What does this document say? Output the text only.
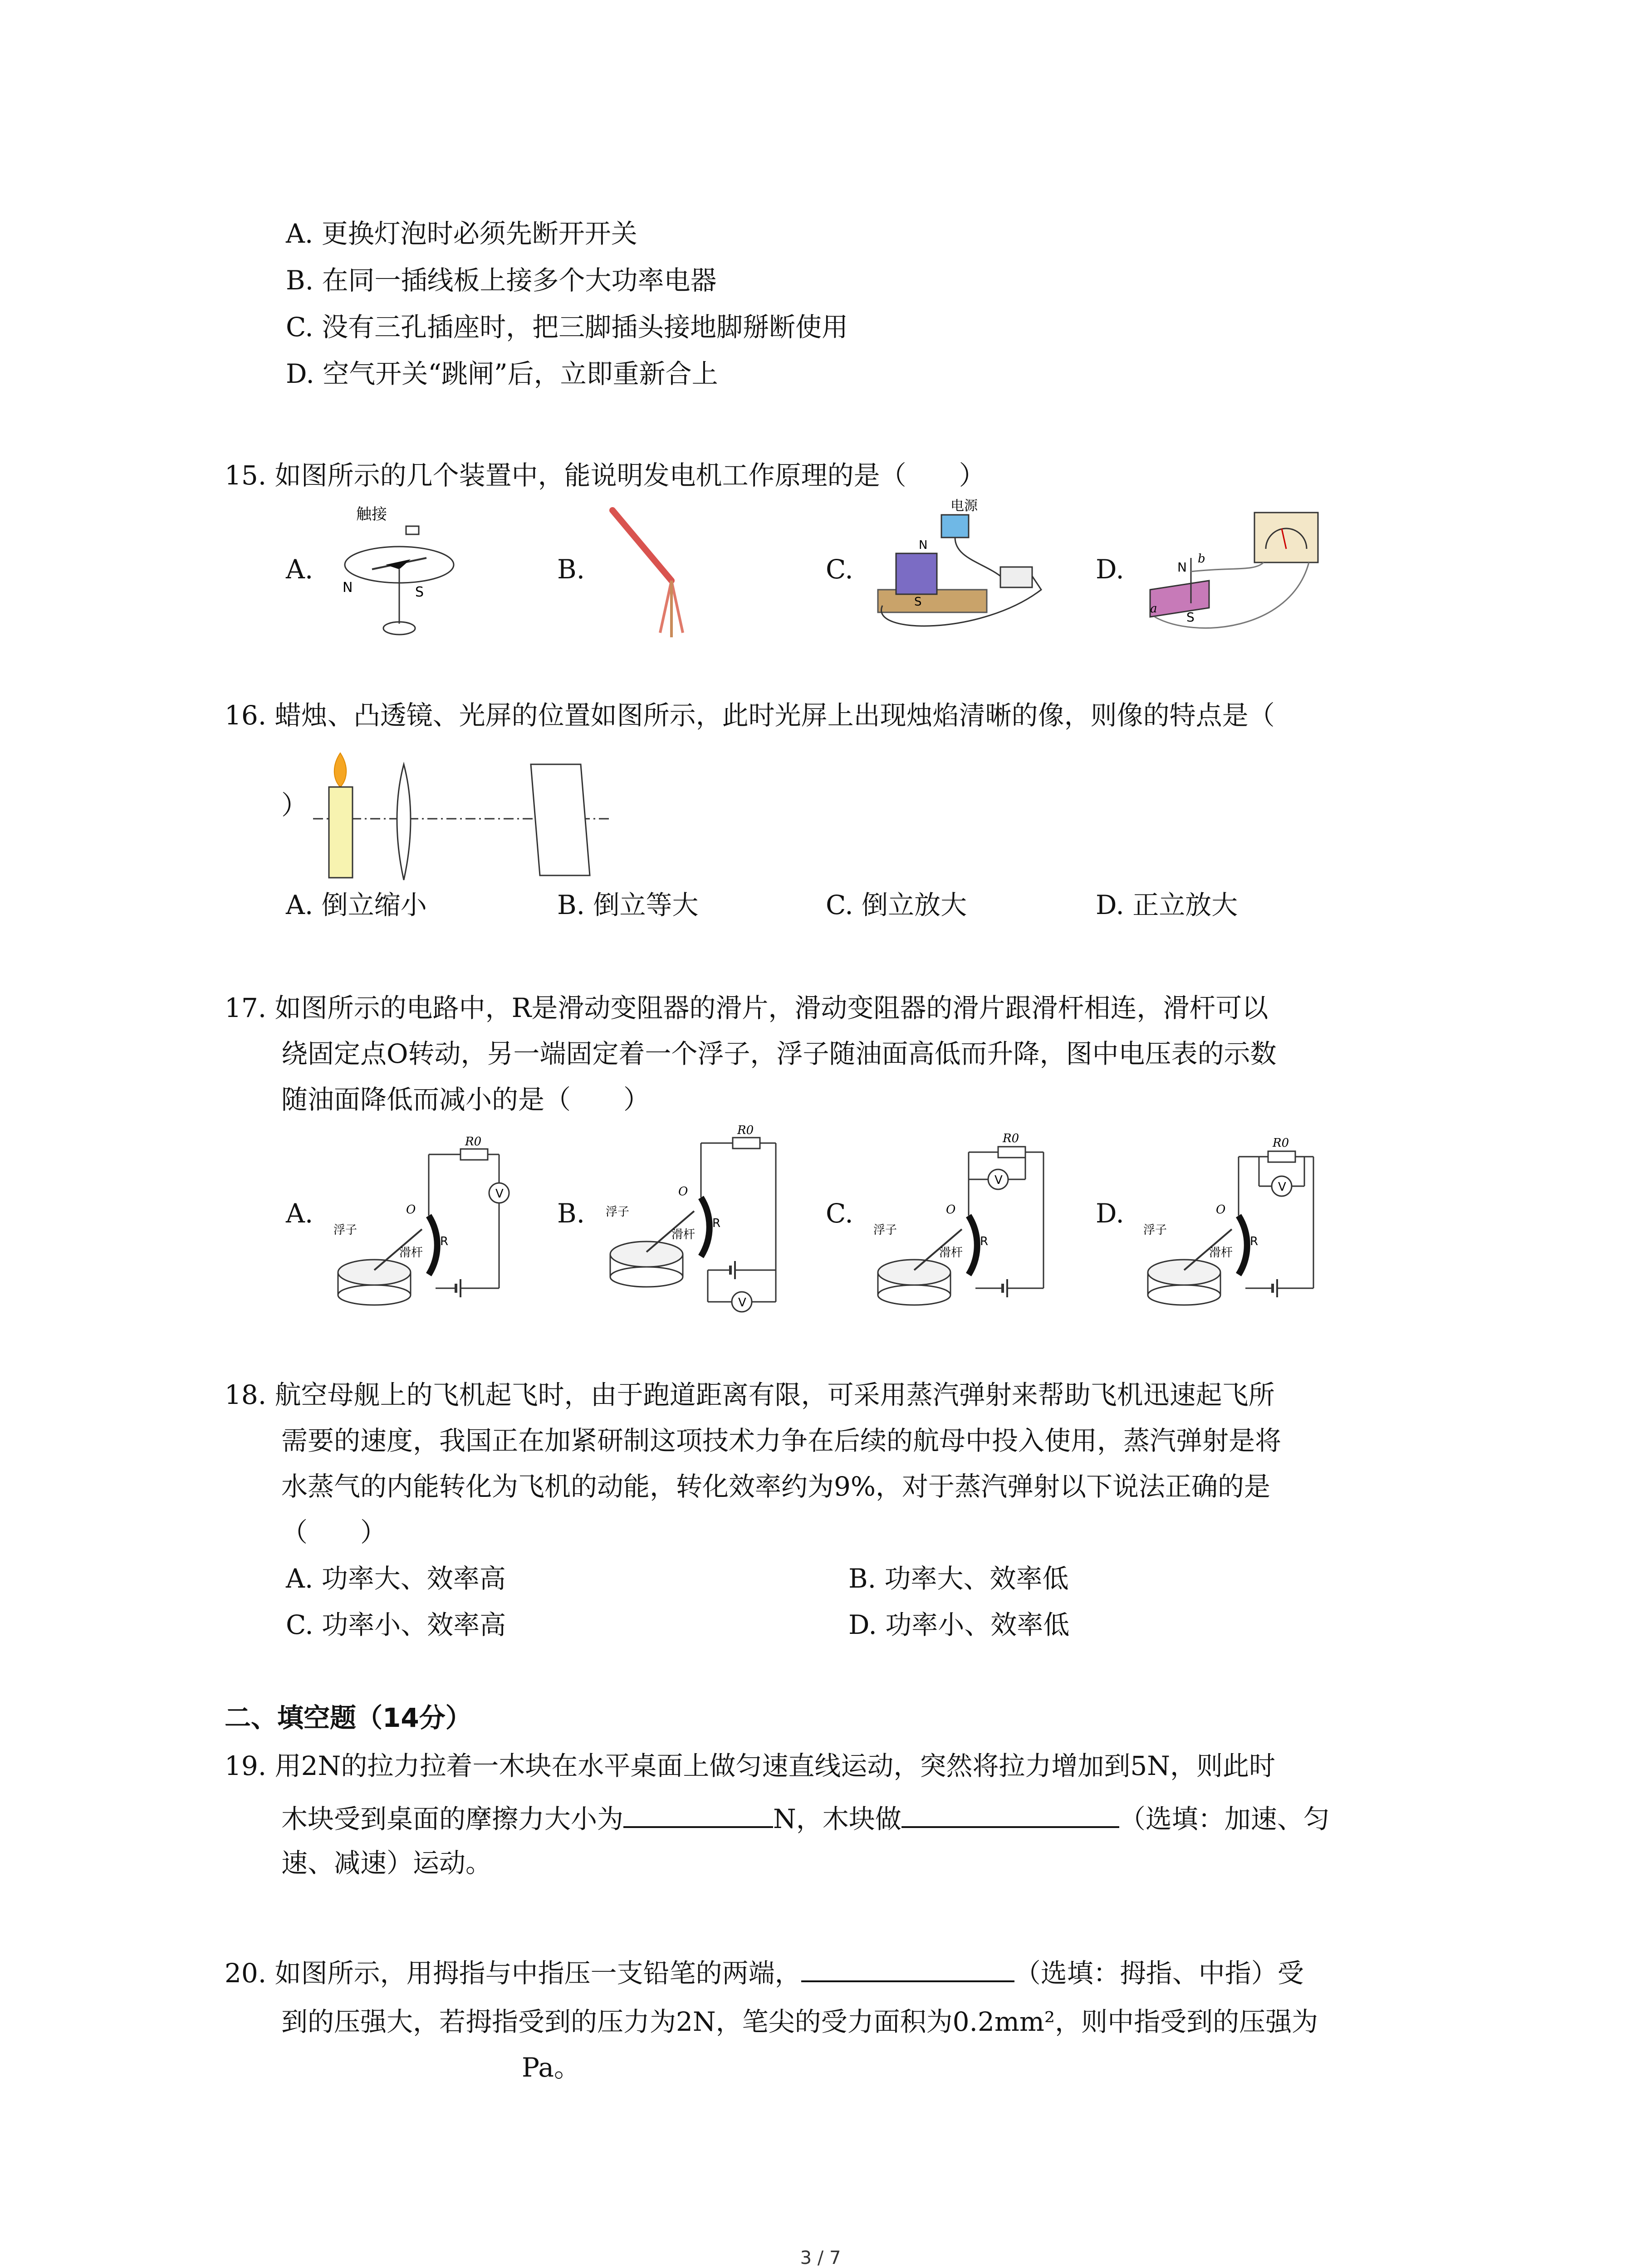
A. 更换灯泡时必须先断开开关
B. 在同一插线板上接多个大功率电器
C. 没有三孔插座时，把三脚插头接地脚掰断使用
D. 空气开关“跳闸”后，立即重新合上
15. 如图所示的几个装置中，能说明发电机工作原理的是（　　）
A.	B.	C.	D.
触接
N	S
电源
N
S
N
S
a
b
16. 蜡烛、凸透镜、光屏的位置如图所示，此时光屏上出现烛焰清晰的像，则像的特点是（
）
A. 倒立缩小	B. 倒立等大	C. 倒立放大	D. 正立放大
17. 如图所示的电路中，R是滑动变阻器的滑片，滑动变阻器的滑片跟滑杆相连，滑杆可以
绕固定点O转动，另一端固定着一个浮子，浮子随油面高低而升降，图中电压表的示数
随油面降低而减小的是（　　）
A.	B.	C.	D.
V
R0
浮子
滑杆
R
O
V
R0
浮子
滑杆
R
O
V
R0
浮子
滑杆
R
O
V
R0
浮子
滑杆
R
O
18. 航空母舰上的飞机起飞时，由于跑道距离有限，可采用蒸汽弹射来帮助飞机迅速起飞所
需要的速度，我国正在加紧研制这项技术力争在后续的航母中投入使用，蒸汽弹射是将
水蒸气的内能转化为飞机的动能，转化效率约为9%，对于蒸汽弹射以下说法正确的是
（　　）
A. 功率大、效率高	B. 功率大、效率低
C. 功率小、效率高	D. 功率小、效率低
二、填空题（14分）
19. 用2N的拉力拉着一木块在水平桌面上做匀速直线运动，突然将拉力增加到5N，则此时
木块受到桌面的摩擦力大小为	N，木块做	（选填：加速、匀
速、减速）运动。
20. 如图所示，用拇指与中指压一支铅笔的两端，	（选填：拇指、中指）受
到的压强大，若拇指受到的压力为2N，笔尖的受力面积为0.2mm²，则中指受到的压强为
Pa。
3 / 7
